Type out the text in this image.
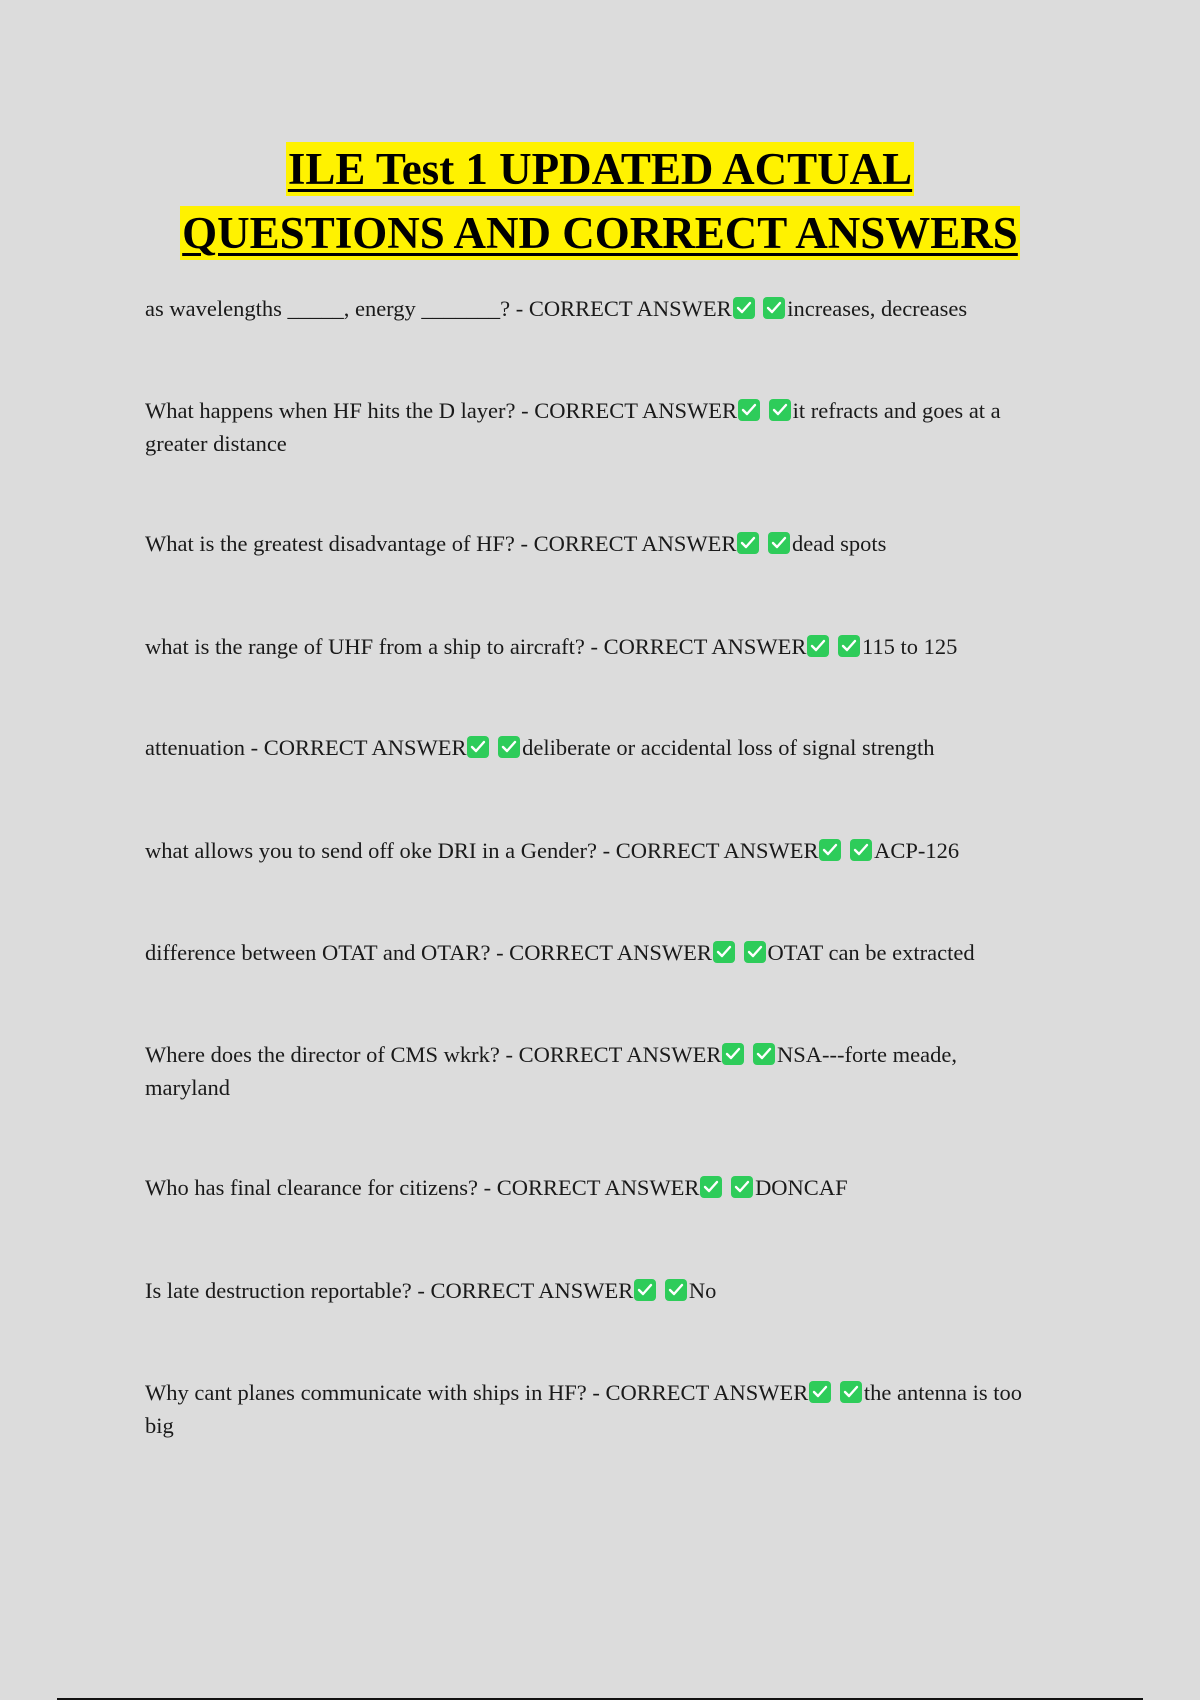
ILE Test 1 UPDATED ACTUAL
QUESTIONS AND CORRECT ANSWERS
as wavelengths _____, energy _______? - CORRECT ANSWER
increases, decreases
What happens when HF hits the D layer? - CORRECT ANSWER
it refracts and goes at a greater distance
What is the greatest disadvantage of HF? - CORRECT ANSWER
dead spots
what is the range of UHF from a ship to aircraft? - CORRECT ANSWER
115 to 125
attenuation - CORRECT ANSWER
deliberate or accidental loss of signal strength
what allows you to send off oke DRI in a Gender? - CORRECT ANSWER
ACP-126
difference between OTAT and OTAR? - CORRECT ANSWER
OTAT can be extracted
Where does the director of CMS wkrk? - CORRECT ANSWER
NSA---forte meade, maryland
Who has final clearance for citizens? - CORRECT ANSWER
DONCAF
Is late destruction reportable? - CORRECT ANSWER
No
Why cant planes communicate with ships in HF? - CORRECT ANSWER
the antenna is too big
